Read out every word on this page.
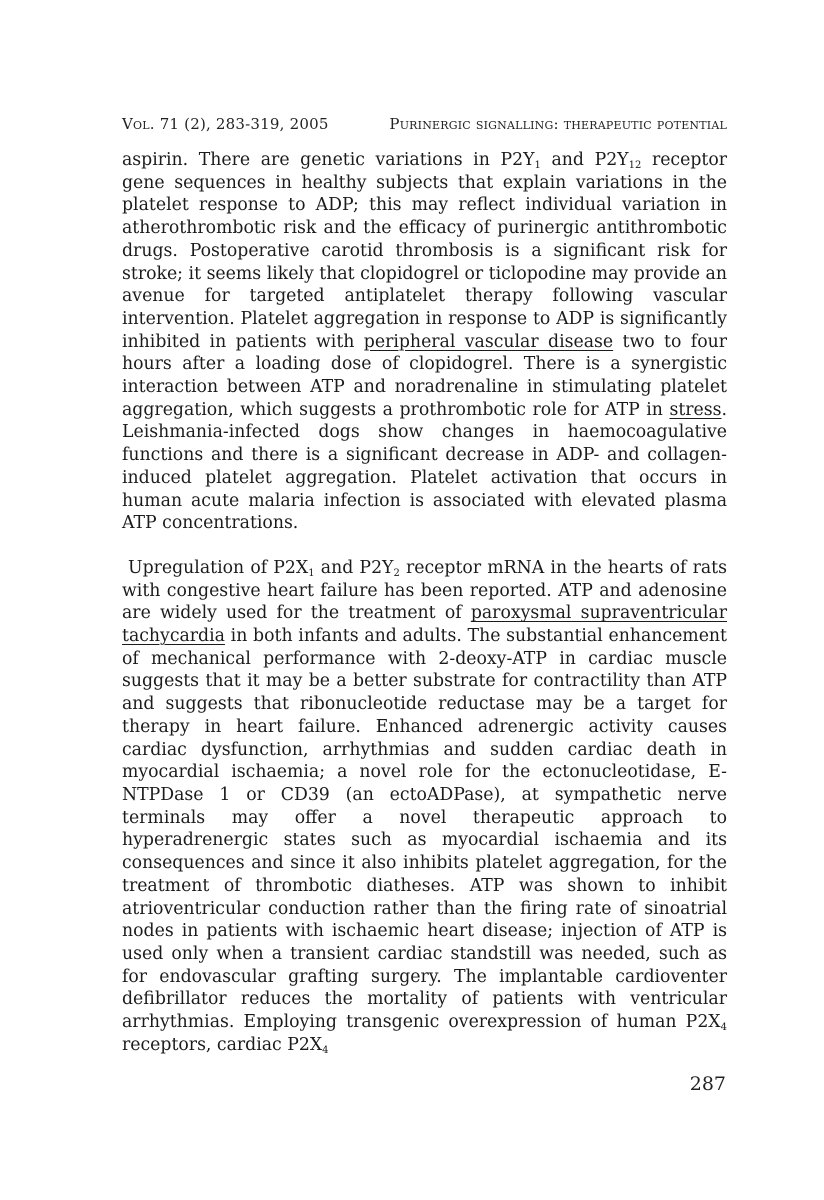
Vol. 71 (2), 283-319, 2005	Purinergic signalling: therapeutic potential

aspirin. There are genetic variations in $P2Y_1$ and $P2Y_{12}$ receptor gene sequences in healthy subjects that explain variations in the platelet response to ADP; this may reflect individual variation in atherothrombotic risk and the efficacy of purinergic antithrombotic drugs. Postoperative carotid thrombosis is a significant risk for stroke; it seems likely that clopidogrel or ticlopodine may provide an avenue for targeted antiplatelet therapy following vascular intervention. Platelet aggregation in response to ADP is significantly inhibited in patients with peripheral vascular disease two to four hours after a loading dose of clopidogrel. There is a synergistic interaction between ATP and noradrenaline in stimulating platelet aggregation, which suggests a prothrombotic role for ATP in stress. Leishmania-infected dogs show changes in haemocoagulative functions and there is a significant decrease in ADP- and collagen-induced platelet aggregation. Platelet activation that occurs in human acute malaria infection is associated with elevated plasma ATP concentrations.

Upregulation of $P2X_1$ and $P2Y_2$ receptor mRNA in the hearts of rats with congestive heart failure has been reported. ATP and adenosine are widely used for the treatment of paroxysmal supraventricular tachycardia in both infants and adults. The substantial enhancement of mechanical performance with 2-deoxy-ATP in cardiac muscle suggests that it may be a better substrate for contractility than ATP and suggests that ribonucleotide reductase may be a target for therapy in heart failure. Enhanced adrenergic activity causes cardiac dysfunction, arrhythmias and sudden cardiac death in myocardial ischaemia; a novel role for the ectonucleotidase, E-NTPDase 1 or CD39 (an ectoADPase), at sympathetic nerve terminals may offer a novel therapeutic approach to hyperadrenergic states such as myocardial ischaemia and its consequences and since it also inhibits platelet aggregation, for the treatment of thrombotic diatheses. ATP was shown to inhibit atrioventricular conduction rather than the firing rate of sinoatrial nodes in patients with ischaemic heart disease; injection of ATP is used only when a transient cardiac standstill was needed, such as for endovascular grafting surgery. The implantable cardioventer defibrillator reduces the mortality of patients with ventricular arrhythmias. Employing transgenic overexpression of human $P2X_4$ receptors, cardiac $P2X_4$

287
